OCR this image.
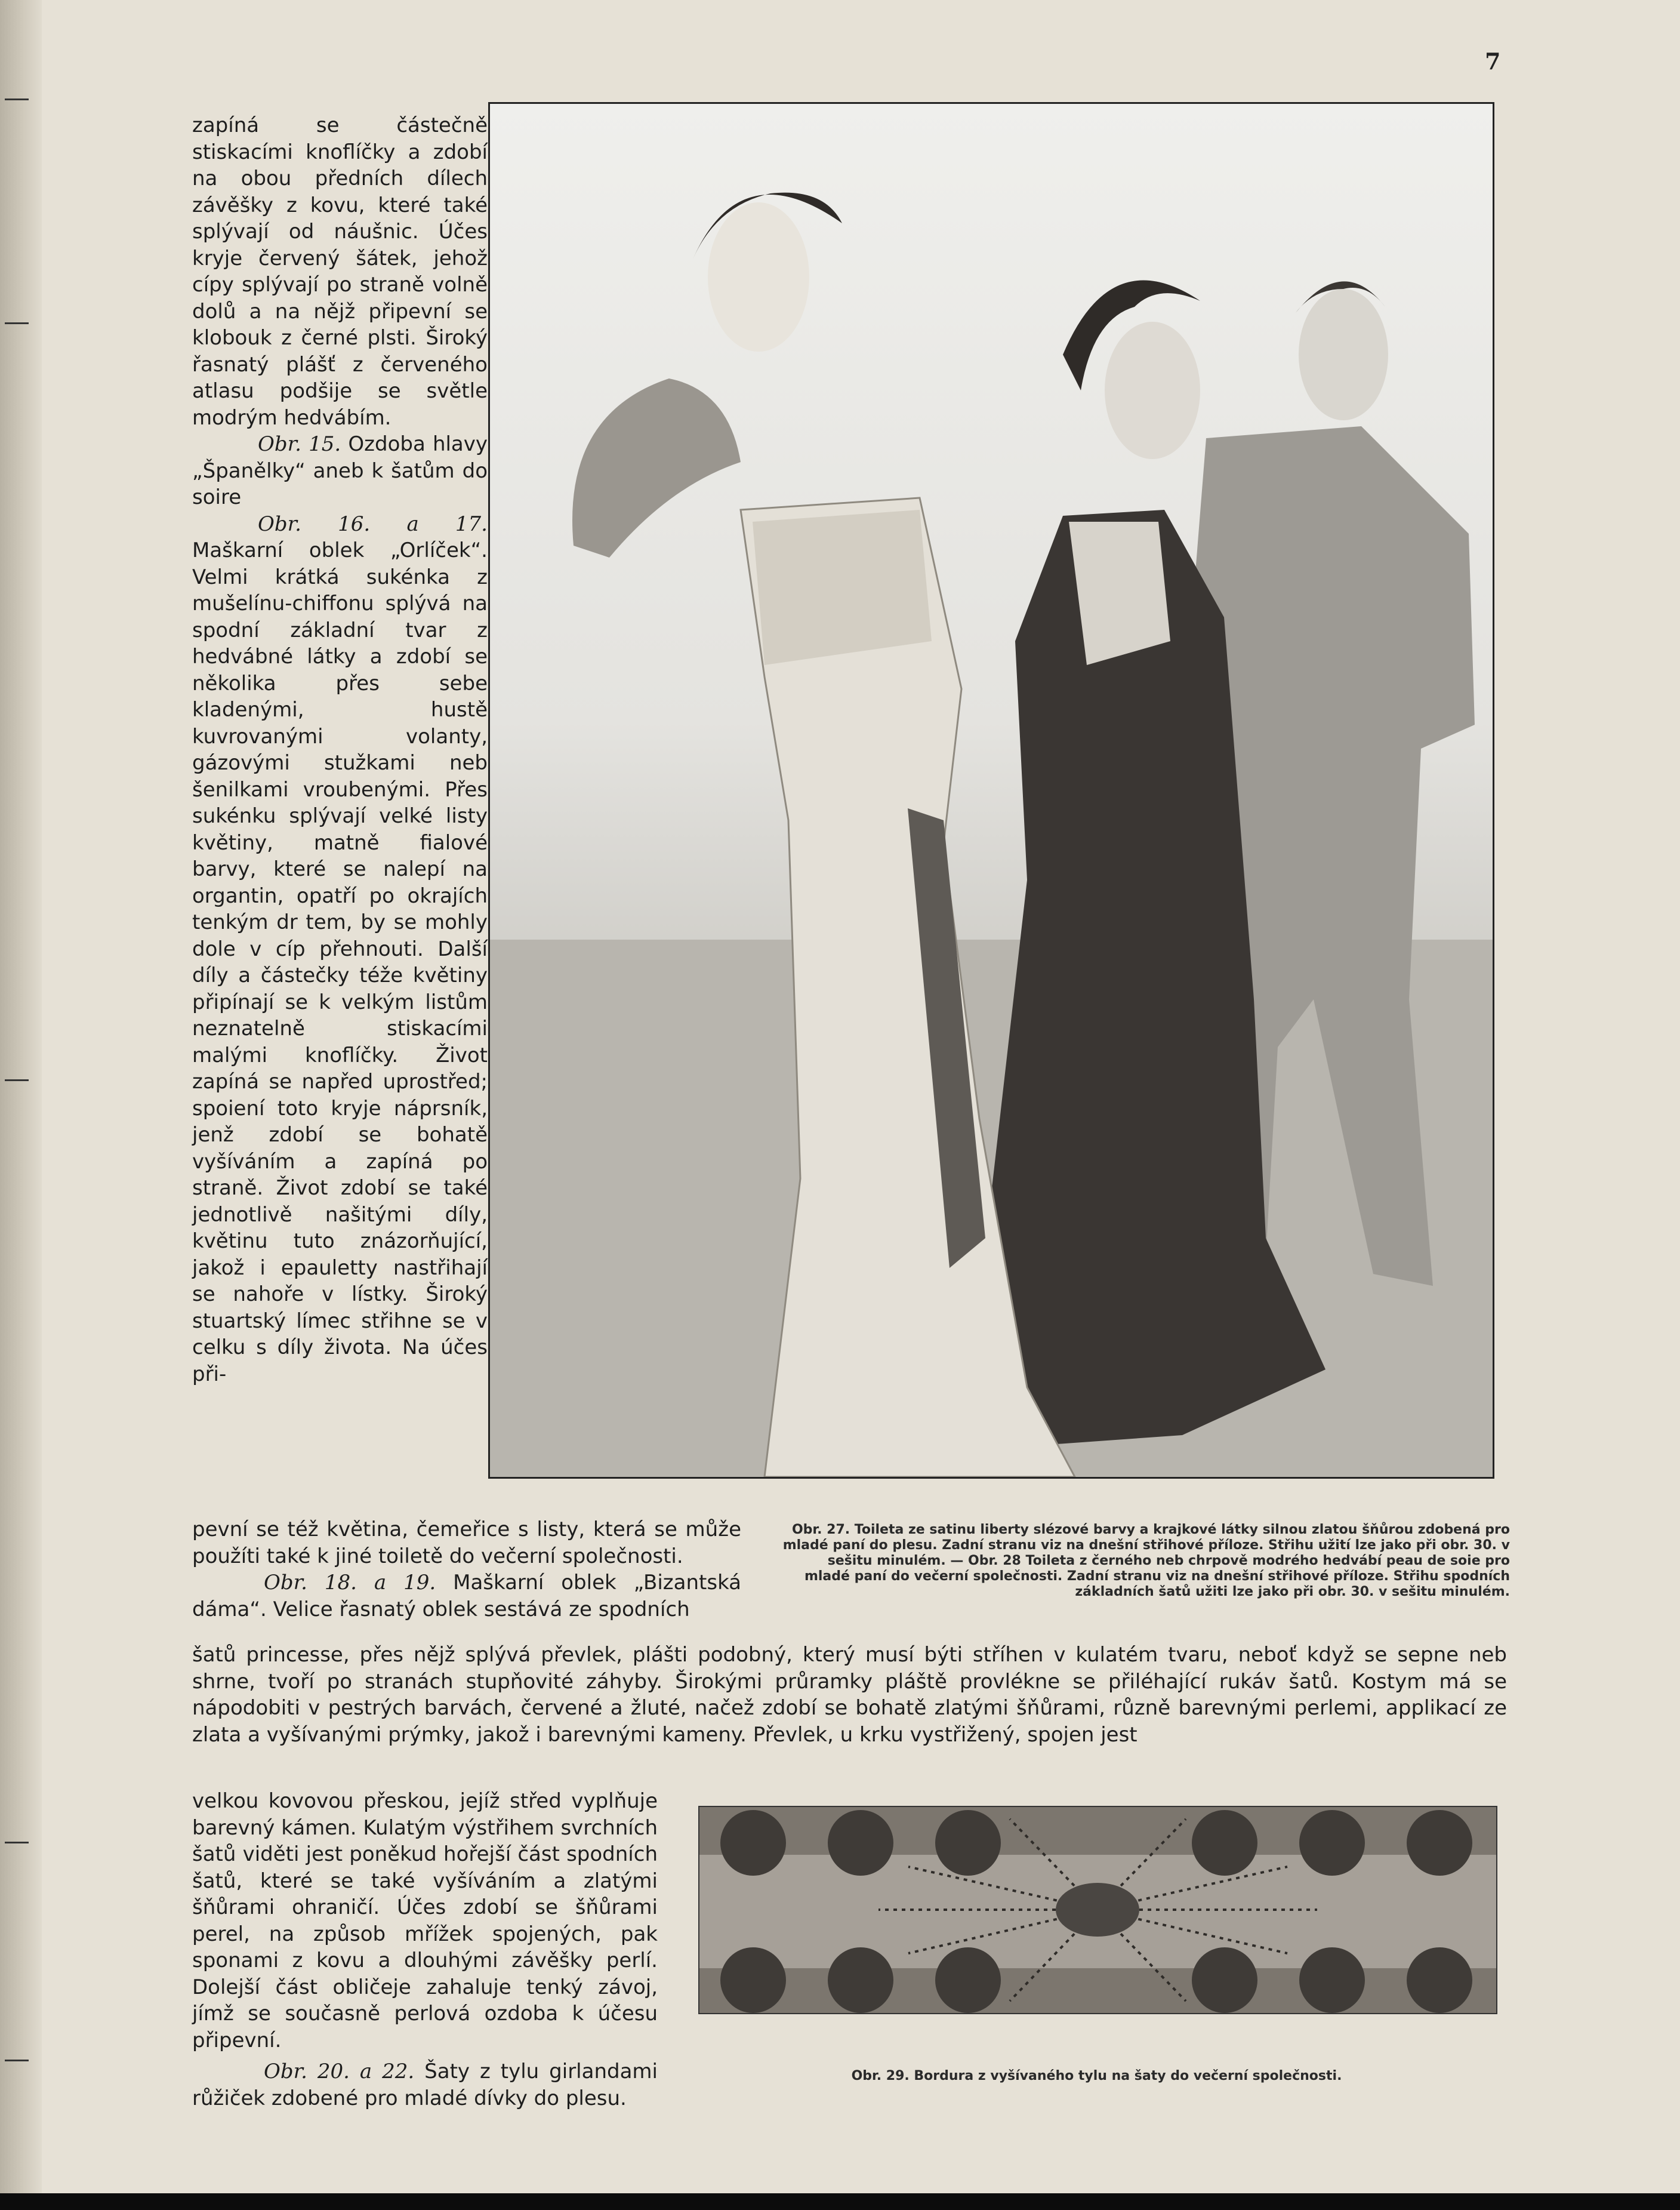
7

zapíná se částečně stiskacími knoflíčky a zdobí na obou předních dílech závěšky z kovu, které také splývají od náušnic. Účes kryje červený šátek, jehož cípy splývají po straně volně dolů a na nějž připevní se klobouk z černé plsti. Široký řasnatý plášť z červeného atlasu podšije se světle modrým hedvábím.

Obr. 15. Ozdoba hlavy „Španělky“ aneb k šatům do soire

Obr. 16. a 17. Maškarní oblek „Orlíček“. Velmi krátká sukénka z mušelínu-chiffonu splývá na spodní základní tvar z hedvábné látky a zdobí se několika přes sebe kladenými, hustě kuvrovanými volanty, gázovými stužkami neb šenilkami vroubenými. Přes sukénku splývají velké listy květiny, matně fialové barvy, které se nalepí na organtin, opatří po okrajích tenkým dr tem, by se mohly dole v cíp přehnouti. Další díly a částečky téže květiny připínají se k velkým listům neznatelně stiskacími malými knoflíčky. Život zapíná se napřed uprostřed; spoiení toto kryje náprsník, jenž zdobí se bohatě vyšíváním a zapíná po straně. Život zdobí se také jednotlivě našitými díly, květinu tuto znázorňující, jakož i epauletty nastřihají se nahoře v lístky. Široký stuartský límec střihne se v celku s díly života. Na účes při-

pevní se též květina, čemeřice s listy, která se může použíti také k jiné toiletě do večerní společnosti.

Obr. 18. a 19. Maškarní oblek „Bizantská dáma“. Velice řasnatý oblek sestává ze spodních

Obr. 27. Toileta ze satinu liberty slézové barvy a krajkové látky silnou zlatou šňůrou zdobená pro mladé paní do plesu. Zadní stranu viz na dnešní střihové příloze. Střihu užití lze jako při obr. 30. v sešitu minulém. — Obr. 28 Toileta z černého neb chrpově modrého hedvábí peau de soie pro mladé paní do večerní společnosti. Zadní stranu viz na dnešní střihové příloze. Střihu spodních základních šatů užiti lze jako při obr. 30. v sešitu minulém.

šatů princesse, přes nějž splývá převlek, plášti podobný, který musí býti stříhen v kulatém tvaru, neboť když se sepne neb shrne, tvoří po stranách stupňovité záhyby. Širokými průramky pláště provlékne se přiléhající rukáv šatů. Kostym má se nápodobiti v pestrých barvách, červené a žluté, načež zdobí se bohatě zlatými šňůrami, různě barevnými perlemi, applikací ze zlata a vyšívanými prýmky, jakož i barevnými kameny. Převlek, u krku vystřižený, spojen jest

velkou kovovou přeskou, jejíž střed vyplňuje barevný kámen. Kulatým výstřihem svrchních šatů viděti jest poněkud hořejší část spodních šatů, které se také vyšíváním a zlatými šňůrami ohraničí. Účes zdobí se šňůrami perel, na způsob mřížek spojených, pak sponami z kovu a dlouhými závěšky perlí. Dolejší část obličeje zahaluje tenký závoj, jímž se současně perlová ozdoba k účesu připevní.

Obr. 20. a 22. Šaty z tylu girlandami růžiček zdobené pro mladé dívky do plesu.

Obr. 29. Bordura z vyšívaného tylu na šaty do večerní společnosti.
